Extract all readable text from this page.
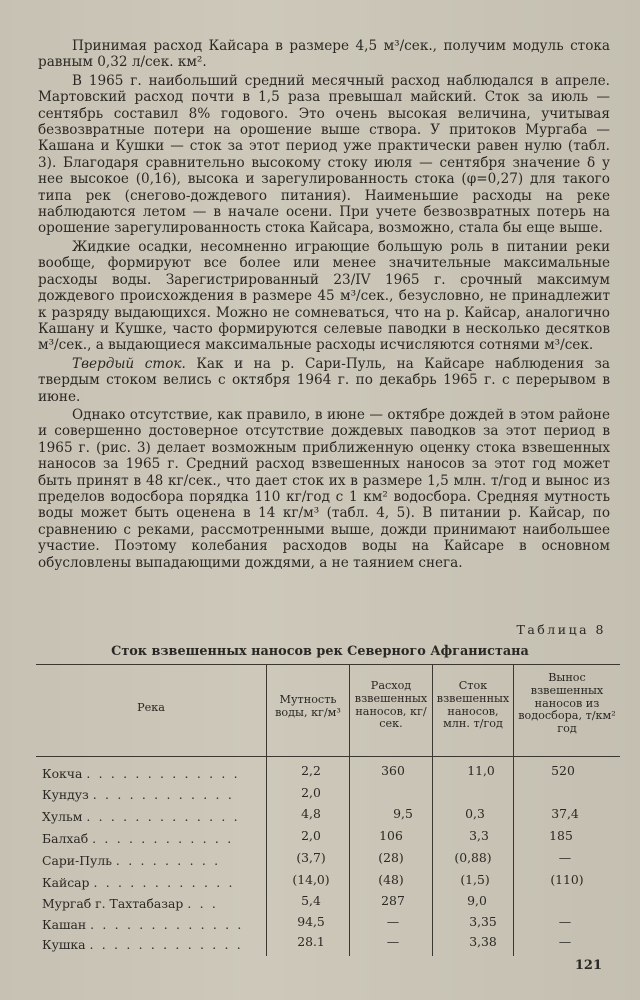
Принимая расход Кайсара в размере 4,5 м³/сек., получим модуль стока равным 0,32 л/сек. км².

В 1965 г. наибольший средний месячный расход наблюдался в апреле. Мартовский расход почти в 1,5 раза превышал майский. Сток за июль — сентябрь составил 8% годового. Это очень высокая величина, учитывая безвозвратные потери на орошение выше створа. У притоков Мургаба — Кашана и Кушки — сток за этот период уже практически равен нулю (табл. 3). Благодаря сравнительно высокому стоку июля — сентября значение δ у нее высокое (0,16), высока и зарегулированность стока (φ=0,27) для такого типа рек (снегово-дождевого питания). Наименьшие расходы на реке наблюдаются летом — в начале осени. При учете безвозвратных потерь на орошение зарегулированность стока Кайсара, возможно, стала бы еще выше.

Жидкие осадки, несомненно играющие большую роль в питании реки вообще, формируют все более или менее значительные максимальные расходы воды. Зарегистрированный 23/IV 1965 г. срочный максимум дождевого происхождения в размере 45 м³/сек., безусловно, не принадлежит к разряду выдающихся. Можно не сомневаться, что на р. Кайсар, аналогично Кашану и Кушке, часто формируются селевые паводки в несколько десятков м³/сек., а выдающиеся максимальные расходы исчисляются сотнями м³/сек.

Твердый сток. Как и на р. Сари-Пуль, на Кайсаре наблюдения за твердым стоком велись с октября 1964 г. по декабрь 1965 г. с перерывом в июне.

Однако отсутствие, как правило, в июне — октябре дождей в этом районе и совершенно достоверное отсутствие дождевых паводков за этот период в 1965 г. (рис. 3) делает возможным приближенную оценку стока взвешенных наносов за 1965 г. Средний расход взвешенных наносов за этот год может быть принят в 48 кг/сек., что дает сток их в размере 1,5 млн. т/год и вынос из пределов водосбора порядка 110 кг/год с 1 км² водосбора. Средняя мутность воды может быть оценена в 14 кг/м³ (табл. 4, 5). В питании р. Кайсар, по сравнению с реками, рассмотренными выше, дожди принимают наибольшее участие. Поэтому колебания расходов воды на Кайсаре в основном обусловлены выпадающими дождями, а не таянием снега.

Таблица 8
Сток взвешенных наносов рек Северного Афганистана
Река
Мутность воды, кг/м³
Расход взвешенных наносов, кг/сек.
Сток взвешенных наносов, млн. т/год
Вынос взвешенных наносов из водосбора, т/км² год
Кокча . . . . . . . . . . . . .	2,2	360	11,0	520
Кундуз . . . . . . . . . . . .	2,0
Хульм . . . . . . . . . . . . .	4,8	9,5	0,3	37,4
Балхаб . . . . . . . . . . . .	2,0	106	3,3	185
Сари-Пуль . . . . . . . . .	(3,7)	(28)	(0,88)	—
Кайсар . . . . . . . . . . . .	(14,0)	(48)	(1,5)	(110)
Мургаб г. Тахтабазар . . .	5,4	287	9,0
Кашан . . . . . . . . . . . . .	94,5	—	3,35	—
Кушка . . . . . . . . . . . . .	28.1	—	3,38	—
121
